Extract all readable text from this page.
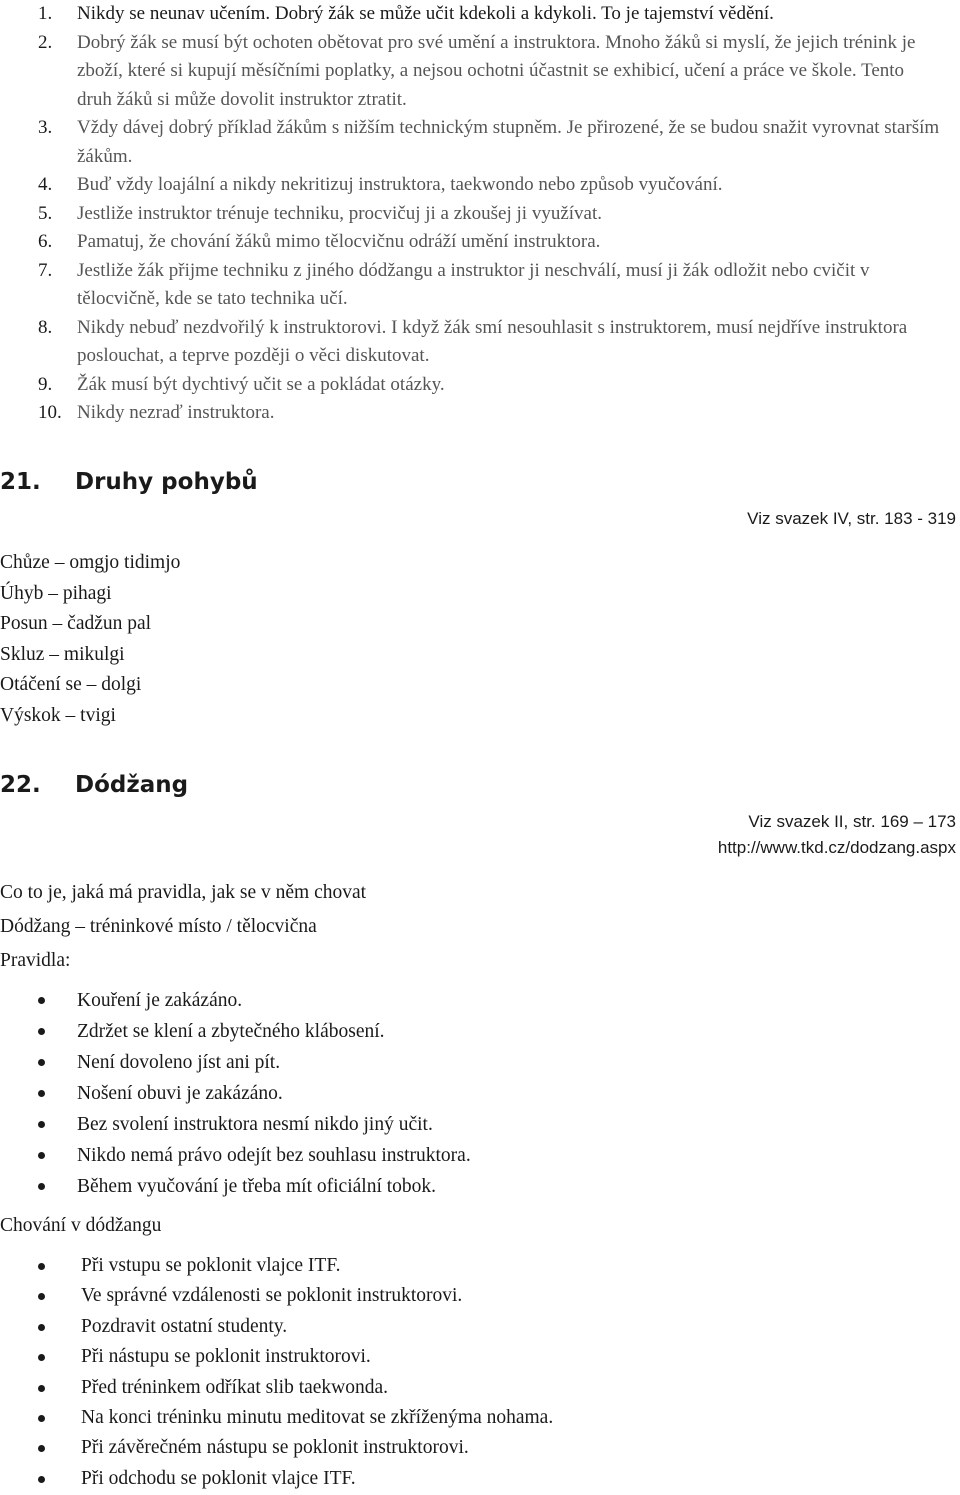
1. Nikdy se neunav učením. Dobrý žák se může učit kdekoli a kdykoli. To je tajemství vědění.
2. Dobrý žák se musí být ochoten obětovat pro své umění a instruktora. Mnoho žáků si myslí, že jejich trénink je zboží, které si kupují měsíčními poplatky, a nejsou ochotni účastnit se exhibicí, učení a práce ve škole. Tento druh žáků si může dovolit instruktor ztratit.
3. Vždy dávej dobrý příklad žákům s nižším technickým stupněm. Je přirozené, že se budou snažit vyrovnat starším žákům.
4. Buď vždy loajální a nikdy nekritizuj instruktora, taekwondo nebo způsob vyučování.
5. Jestliže instruktor trénuje techniku, procvičuj ji a zkoušej ji využívat.
6. Pamatuj, že chování žáků mimo tělocvičnu odráží umění instruktora.
7. Jestliže žák přijme techniku z jiného dódžangu a instruktor ji neschválí, musí ji žák odložit nebo cvičit v tělocvičně, kde se tato technika učí.
8. Nikdy nebuď nezdvořilý k instruktorovi. I když žák smí nesouhlasit s instruktorem, musí nejdříve instruktora poslouchat, a teprve později o věci diskutovat.
9. Žák musí být dychtivý učit se a pokládat otázky.
10. Nikdy nezraď instruktora.
21. Druhy pohybů
Viz svazek IV, str. 183 - 319
Chůze – omgjo tidimjo
Úhyb – pihagi
Posun – čadžun pal
Skluz – mikulgi
Otáčení se – dolgi
Výskok – tvigi
22. Dódžang
Viz svazek II, str. 169 – 173
http://www.tkd.cz/dodzang.aspx
Co to je, jaká má pravidla, jak se v něm chovat
Dódžang – tréninkové místo / tělocvična
Pravidla:
Kouření je zakázáno.
Zdržet se klení a zbytečného klábosení.
Není dovoleno jíst ani pít.
Nošení obuvi je zakázáno.
Bez svolení instruktora nesmí nikdo jiný učit.
Nikdo nemá právo odejít bez souhlasu instruktora.
Během vyučování je třeba mít oficiální tobok.
Chování v dódžangu
Při vstupu se poklonit vlajce ITF.
Ve správné vzdálenosti se poklonit instruktorovi.
Pozdravit ostatní studenty.
Při nástupu se poklonit instruktorovi.
Před tréninkem odříkat slib taekwonda.
Na konci tréninku minutu meditovat se zkříženýma nohama.
Při závěrečném nástupu se poklonit instruktorovi.
Při odchodu se poklonit vlajce ITF.
